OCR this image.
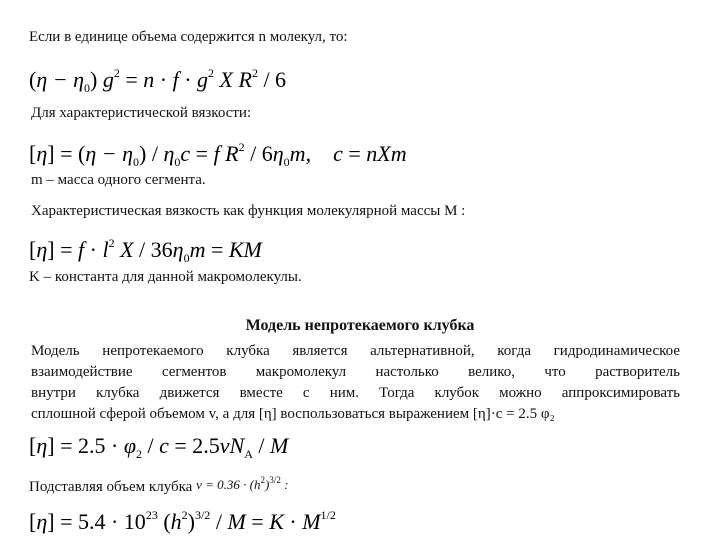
Если в единице объема содержится n молекул, то:
$(\eta - \eta_0)$ $g^2 = n \cdot f \cdot g^2$ X $R^2 / 6$
Для характеристической вязкости:
$[\eta] = (\eta - \eta_0) / \eta_0c = f$ $R^2 / 6\eta_0m$,    c = nXm
m – масса одного сегмента.
Характеристическая вязкость как функция молекулярной массы M :
$[\eta] = f \cdot l^2$ X / $36\eta_0m$ = KM
K – константа для данной макромолекулы.
Модель непротекаемого клубка
Модель непротекаемого клубка является альтернативной, когда гидродинамическое
взаимодействие сегментов макромолекул настолько велико, что растворитель
внутри клубка движется вместе с ним. Тогда клубок можно аппроксимировать
сплошной сферой объемом v, а для [η] воспользоваться выражением [η]·c = 2.5 φ₂
$[\eta] = 2.5 \cdot \varphi_2 / c = 2.5\nu N_A / M$
Подставляя объем клубка $v = 0.36 \cdot (h^2)^{3/2}$ :
$[\eta] = 5.4 \cdot 10^{23}$ $(h^2)^{3/2} / M = K \cdot M^{1/2}$
